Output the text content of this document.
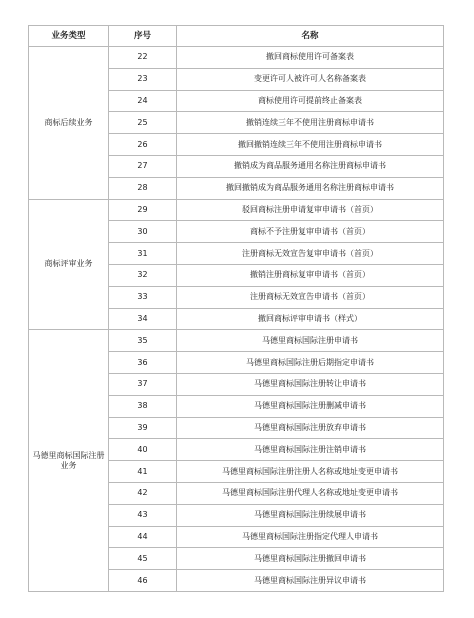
业务类型	序号	名称
商标后续业务	22	撤回商标使用许可备案表
	23	变更许可人被许可人名称备案表
	24	商标使用许可提前终止备案表
	25	撤销连续三年不使用注册商标申请书
	26	撤回撤销连续三年不使用注册商标申请书
	27	撤销成为商品服务通用名称注册商标申请书
	28	撤回撤销成为商品服务通用名称注册商标申请书
商标评审业务	29	驳回商标注册申请复审申请书（首页）
	30	商标不予注册复审申请书（首页）
	31	注册商标无效宣告复审申请书（首页）
	32	撤销注册商标复审申请书（首页）
	33	注册商标无效宣告申请书（首页）
	34	撤回商标评审申请书（样式）
马德里商标国际注册业务	35	马德里商标国际注册申请书
	36	马德里商标国际注册后期指定申请书
	37	马德里商标国际注册转让申请书
	38	马德里商标国际注册删减申请书
	39	马德里商标国际注册放弃申请书
	40	马德里商标国际注册注销申请书
	41	马德里商标国际注册注册人名称或地址变更申请书
	42	马德里商标国际注册代理人名称或地址变更申请书
	43	马德里商标国际注册续展申请书
	44	马德里商标国际注册指定代理人申请书
	45	马德里商标国际注册撤回申请书
	46	马德里商标国际注册异议申请书
